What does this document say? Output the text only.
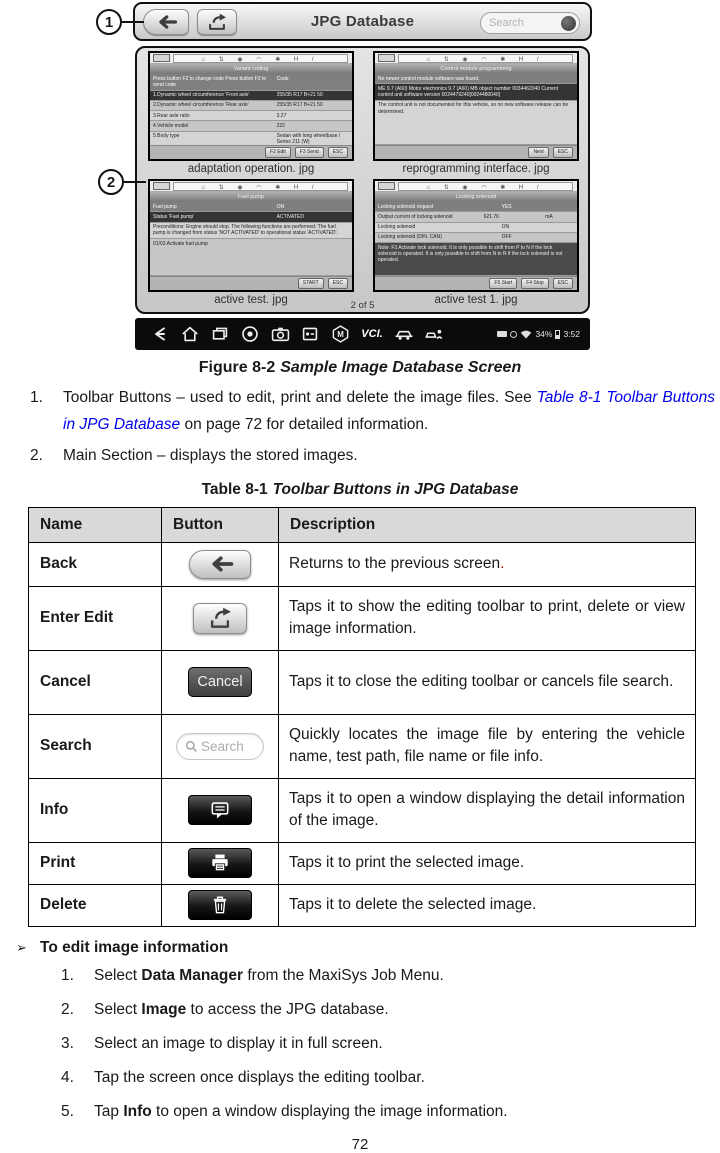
1
2
JPG Database	Search
⌂ ⇅ ◉ ◠ ✱ H /
Variant coding
Press button F2 to change code Press button F3 to send code
Code
1.Dynamic wheel circumference 'Front axle'	255/35 R17 B+21 50
2.Dynamic wheel circumference 'Rear axle'	255/35 R17 B+21 50
3.Rear axle ratio	3.27
4.Vehicle model	222
5.Body type	Sedan with long wheelbase / Series 211 (W)
F2 Edit	F3 Send	ESC
adaptation operation. jpg
⌂ ⇅ ◉ ◠ ✱ H /
Control module programming
No newer control module software was found.
ME 9.7 (A60) Motor electronics 9.7 (A60) MB object number 0034462040 Current control unit software version 0024479240[0024480040]
The control unit is not documented for this vehicle, so no new software release can be determined.
Next	ESC
reprogramming interface. jpg
⌂ ⇅ ◉ ◠ ✱ H /
Fuel pump
Fuel pump	ON
Status 'Fuel pump'	ACTIVATED
Preconditions: Engine should stop. The following functions are performed: The fuel pump is changed from status 'NOT ACTIVATED' to operational status 'ACTIVATED'.
01/03 Activate fuel pump
START	ESC
active test. jpg
⌂ ⇅ ◉ ◠ ✱ H /
Locking solenoid
Locking solenoid request	YES
Output current of locking solenoid	621.76	mA
Locking solenoid	ON
Locking solenoid (DIN. CAN)	OFF
Note: F3 Activate lock solenoid. It is only possible to shift from P to N if the lock solenoid is operated. It is only possible to shift from N to R if the lock solenoid is not operated.
F5 Start	F4 Stop	ESC
active test 1. jpg
2 of 5
M	VCI.	34% 3:52
Figure 8-2 Sample Image Database Screen
1.	Toolbar Buttons – used to edit, print and delete the image files. See Table 8-1 Toolbar Buttons in JPG Database on page 72 for detailed information.
2.	Main Section – displays the stored images.
Table 8-1 Toolbar Buttons in JPG Database
Name	Button	Description
Back		Returns to the previous screen.
Enter Edit		Taps it to show the editing toolbar to print, delete or view image information.
Cancel	Cancel	Taps it to close the editing toolbar or cancels file search.
Search	Search	Quickly locates the image file by entering the vehicle name, test path, file name or file info.
Info		Taps it to open a window displaying the detail information of the image.
Print		Taps it to print the selected image.
Delete		Taps it to delete the selected image.
➢ To edit image information
1.	Select Data Manager from the MaxiSys Job Menu.
2.	Select Image to access the JPG database.
3.	Select an image to display it in full screen.
4.	Tap the screen once displays the editing toolbar.
5.	Tap Info to open a window displaying the image information.
72
